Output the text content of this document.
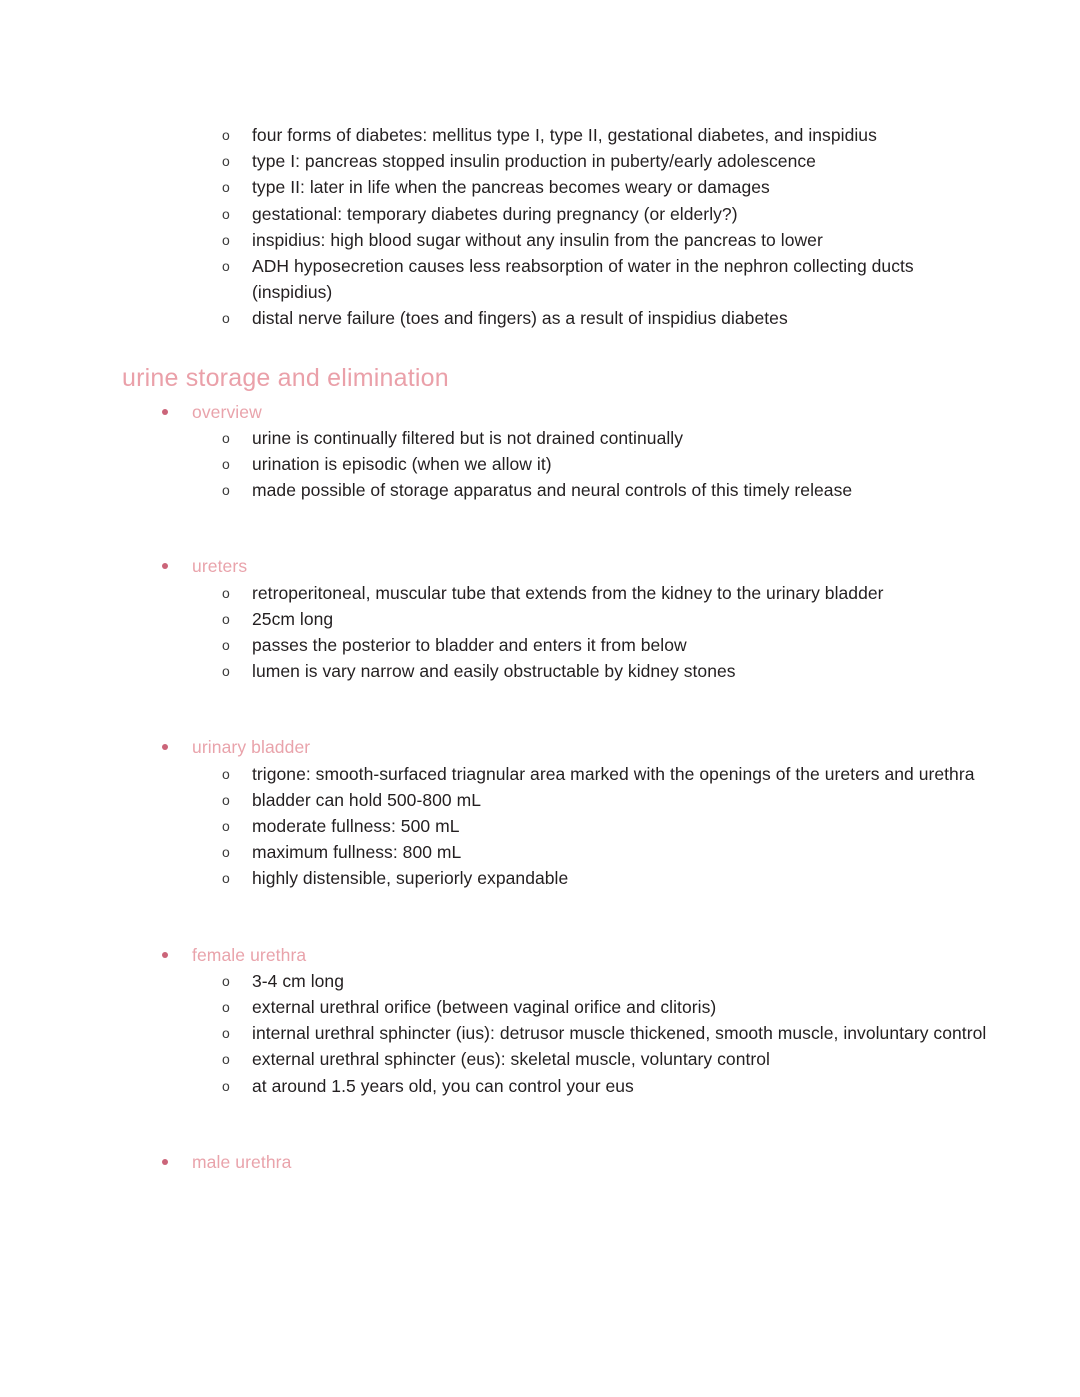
o four forms of diabetes: mellitus type I, type II, gestational diabetes, and inspidius
o type I: pancreas stopped insulin production in puberty/early adolescence
o type II: later in life when the pancreas becomes weary or damages
o gestational: temporary diabetes during pregnancy (or elderly?)
o inspidius: high blood sugar without any insulin from the pancreas to lower
o ADH hyposecretion causes less reabsorption of water in the nephron collecting ducts (inspidius)
o distal nerve failure (toes and fingers) as a result of inspidius diabetes
urine storage and elimination
overview
o urine is continually filtered but is not drained continually
o urination is episodic (when we allow it)
o made possible of storage apparatus and neural controls of this timely release
ureters
o retroperitoneal, muscular tube that extends from the kidney to the urinary bladder
o 25cm long
o passes the posterior to bladder and enters it from below
o lumen is vary narrow and easily obstructable by kidney stones
urinary bladder
o trigone: smooth-surfaced triagnular area marked with the openings of the ureters and urethra
o bladder can hold 500-800 mL
o moderate fullness: 500 mL
o maximum fullness: 800 mL
o highly distensible, superiorly expandable
female urethra
o 3-4 cm long
o external urethral orifice (between vaginal orifice and clitoris)
o internal urethral sphincter (ius): detrusor muscle thickened, smooth muscle, involuntary control
o external urethral sphincter (eus): skeletal muscle, voluntary control
o at around 1.5 years old, you can control your eus
male urethra
